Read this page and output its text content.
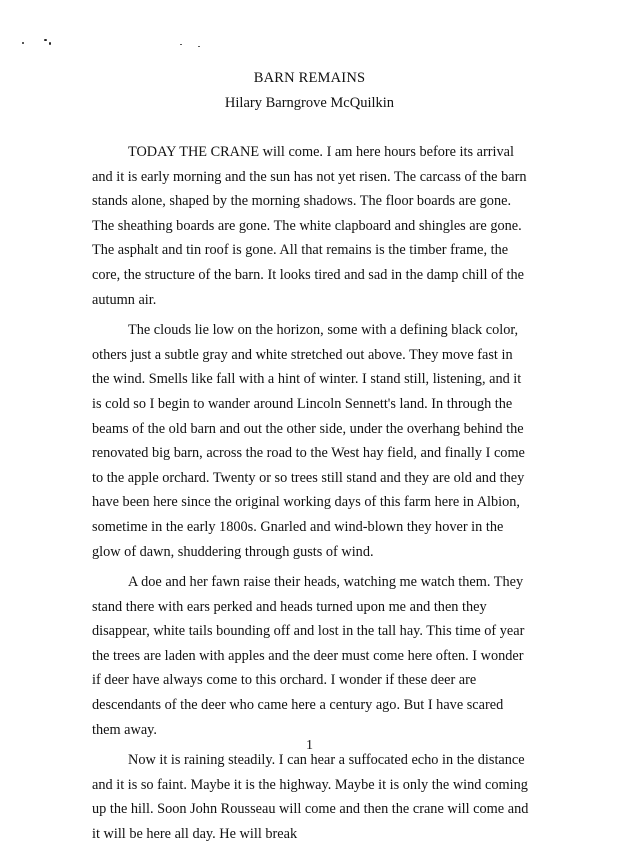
BARN REMAINS
Hilary Barngrove McQuilkin

TODAY THE CRANE will come. I am here hours before its arrival and it is early morning and the sun has not yet risen. The carcass of the barn stands alone, shaped by the morning shadows. The floor boards are gone. The sheathing boards are gone. The white clapboard and shingles are gone. The asphalt and tin roof is gone. All that remains is the timber frame, the core, the structure of the barn. It looks tired and sad in the damp chill of the autumn air.

The clouds lie low on the horizon, some with a defining black color, others just a subtle gray and white stretched out above. They move fast in the wind. Smells like fall with a hint of winter. I stand still, listening, and it is cold so I begin to wander around Lincoln Sennett's land. In through the beams of the old barn and out the other side, under the overhang behind the renovated big barn, across the road to the West hay field, and finally I come to the apple orchard. Twenty or so trees still stand and they are old and they have been here since the original working days of this farm here in Albion, sometime in the early 1800s. Gnarled and wind-blown they hover in the glow of dawn, shuddering through gusts of wind.

A doe and her fawn raise their heads, watching me watch them. They stand there with ears perked and heads turned upon me and then they disappear, white tails bounding off and lost in the tall hay. This time of year the trees are laden with apples and the deer must come here often. I wonder if deer have always come to this orchard. I wonder if these deer are descendants of the deer who came here a century ago. But I have scared them away.

Now it is raining steadily. I can hear a suffocated echo in the distance and it is so faint. Maybe it is the highway. Maybe it is only the wind coming up the hill. Soon John Rousseau will come and then the crane will come and it will be here all day. He will break

1
